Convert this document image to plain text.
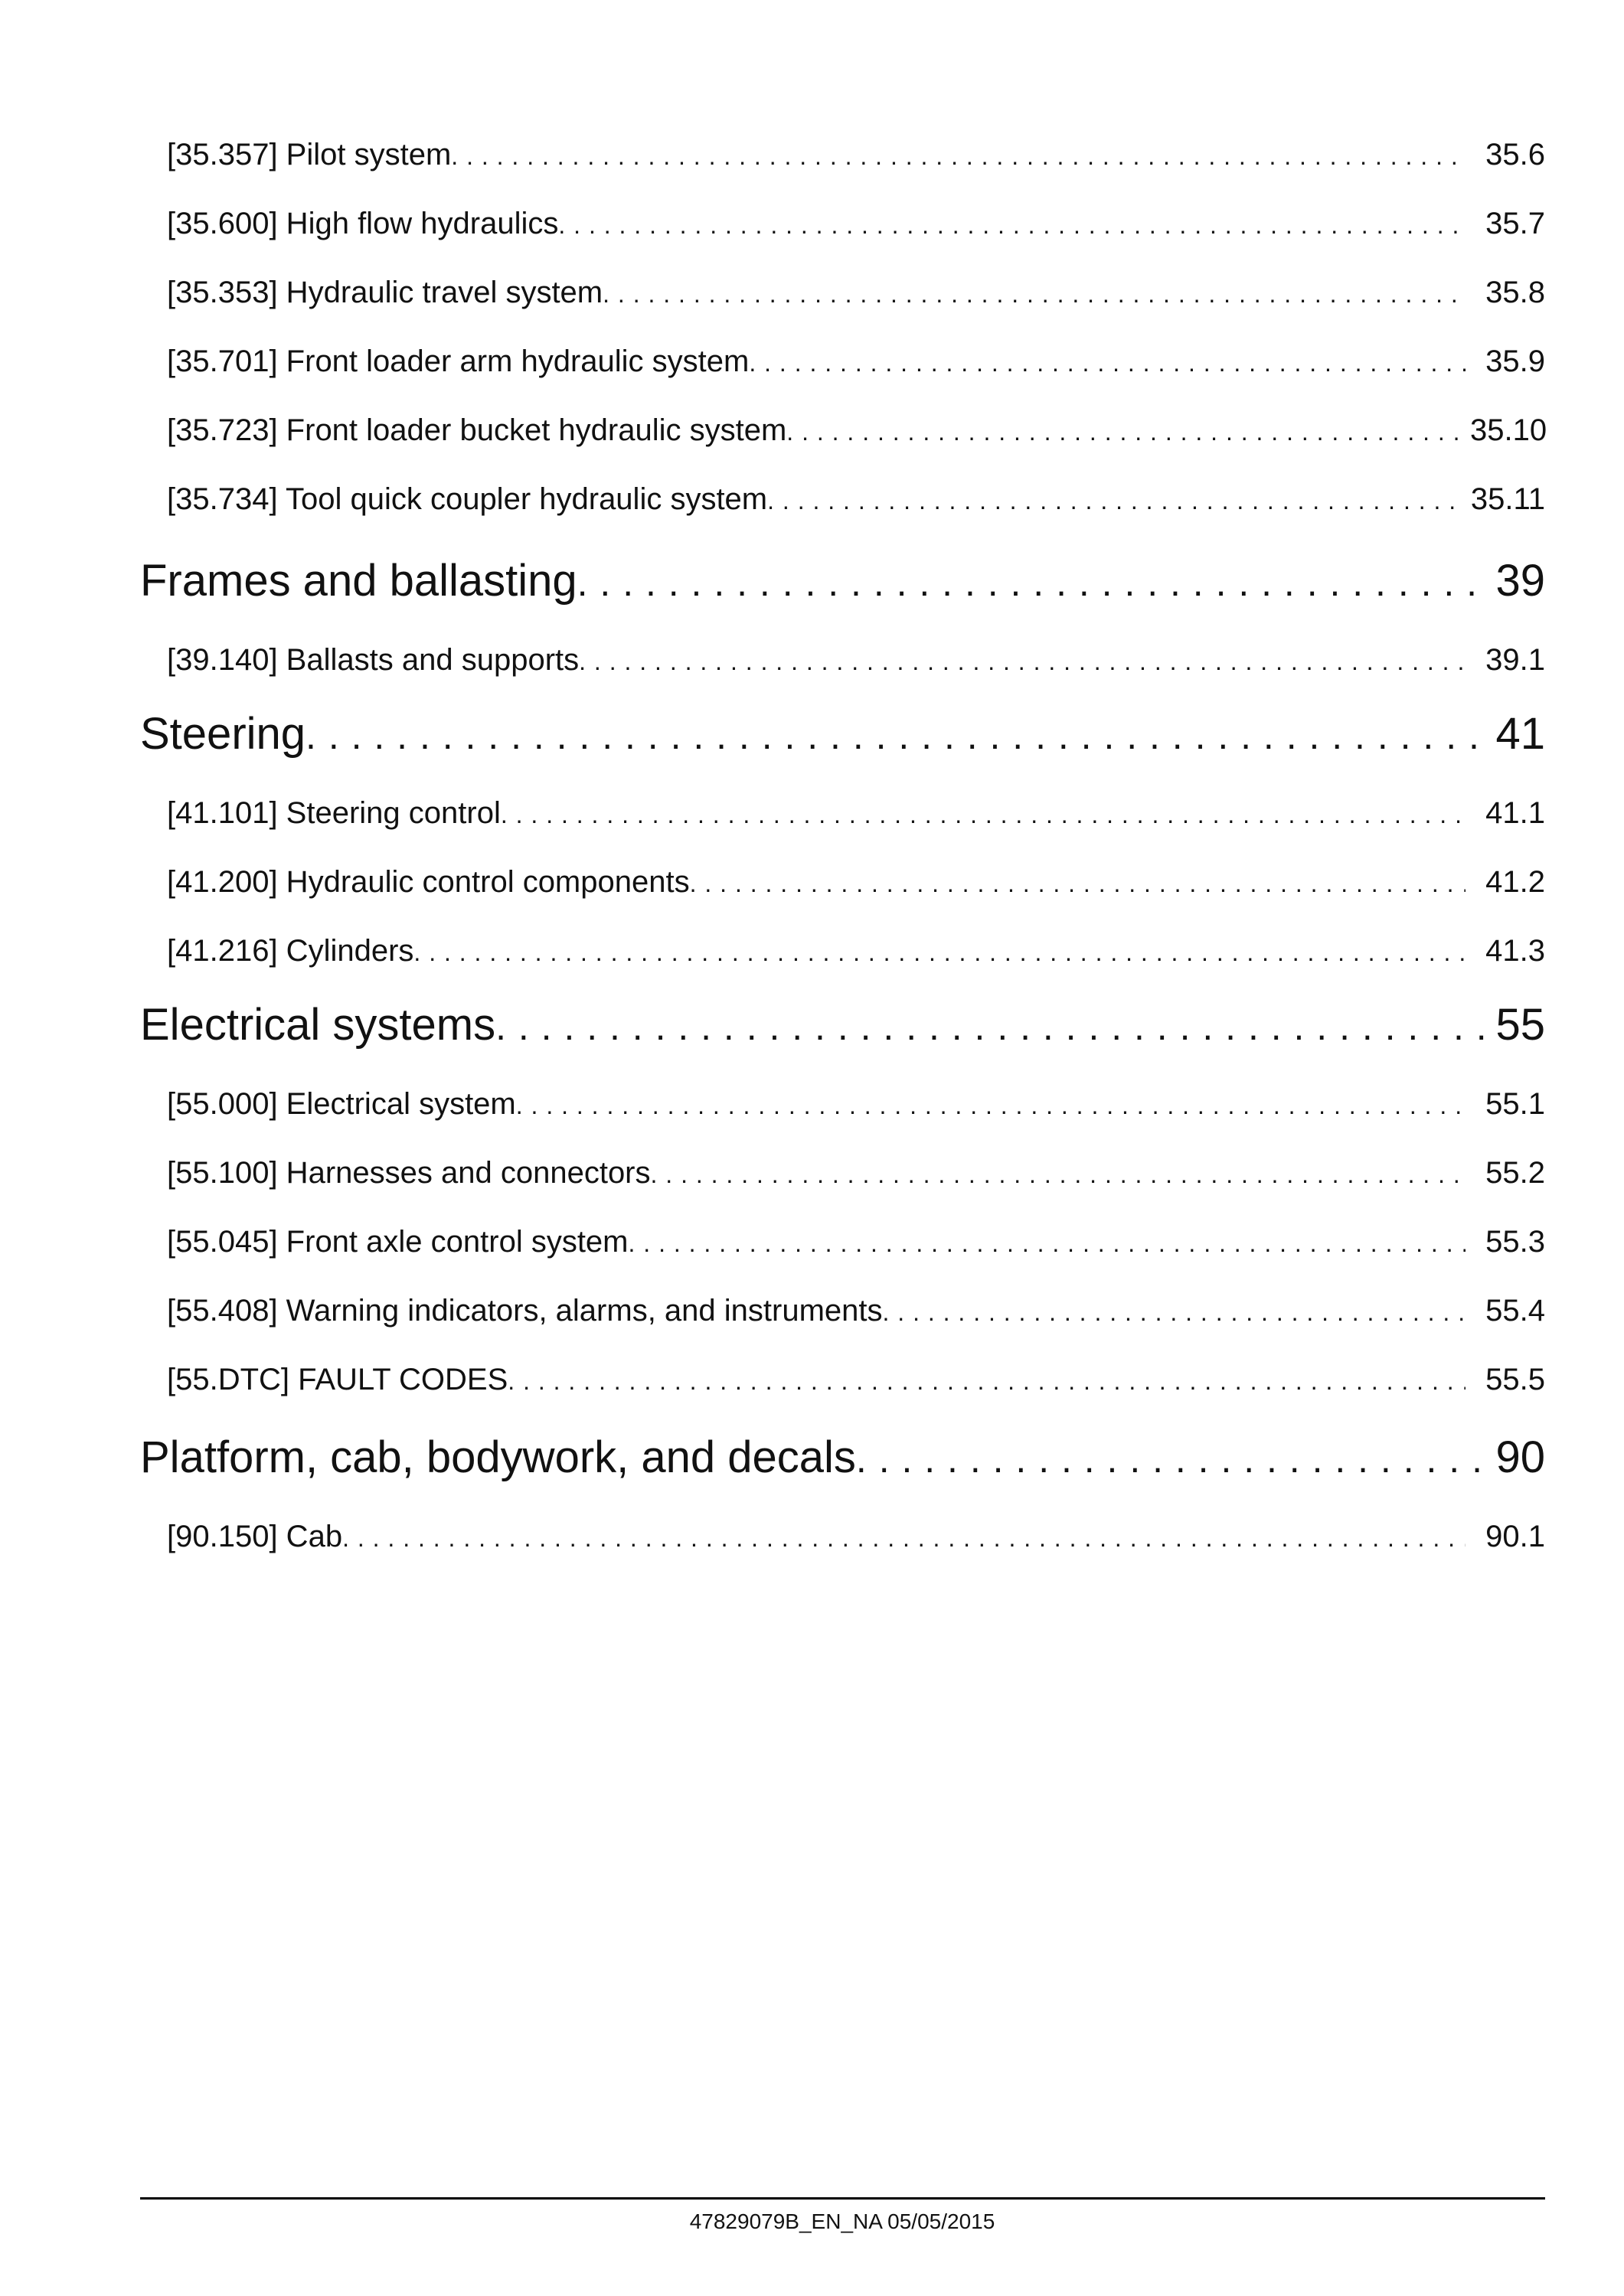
[35.357] Pilot system . . .	35.6
[35.600] High flow hydraulics . . .	35.7
[35.353] Hydraulic travel system . . .	35.8
[35.701] Front loader arm hydraulic system . . .	35.9
[35.723] Front loader bucket hydraulic system . . .	35.10
[35.734] Tool quick coupler hydraulic system . . .	35.11
Frames and ballasting . . .	39
[39.140] Ballasts and supports . . .	39.1
Steering . . .	41
[41.101] Steering control . . .	41.1
[41.200] Hydraulic control components . . .	41.2
[41.216] Cylinders . . .	41.3
Electrical systems . . .	55
[55.000] Electrical system . . .	55.1
[55.100] Harnesses and connectors . . .	55.2
[55.045] Front axle control system . . .	55.3
[55.408] Warning indicators, alarms, and instruments . . .	55.4
[55.DTC] FAULT CODES . . .	55.5
Platform, cab, bodywork, and decals . . .	90
[90.150] Cab . . .	90.1
47829079B_EN_NA 05/05/2015
